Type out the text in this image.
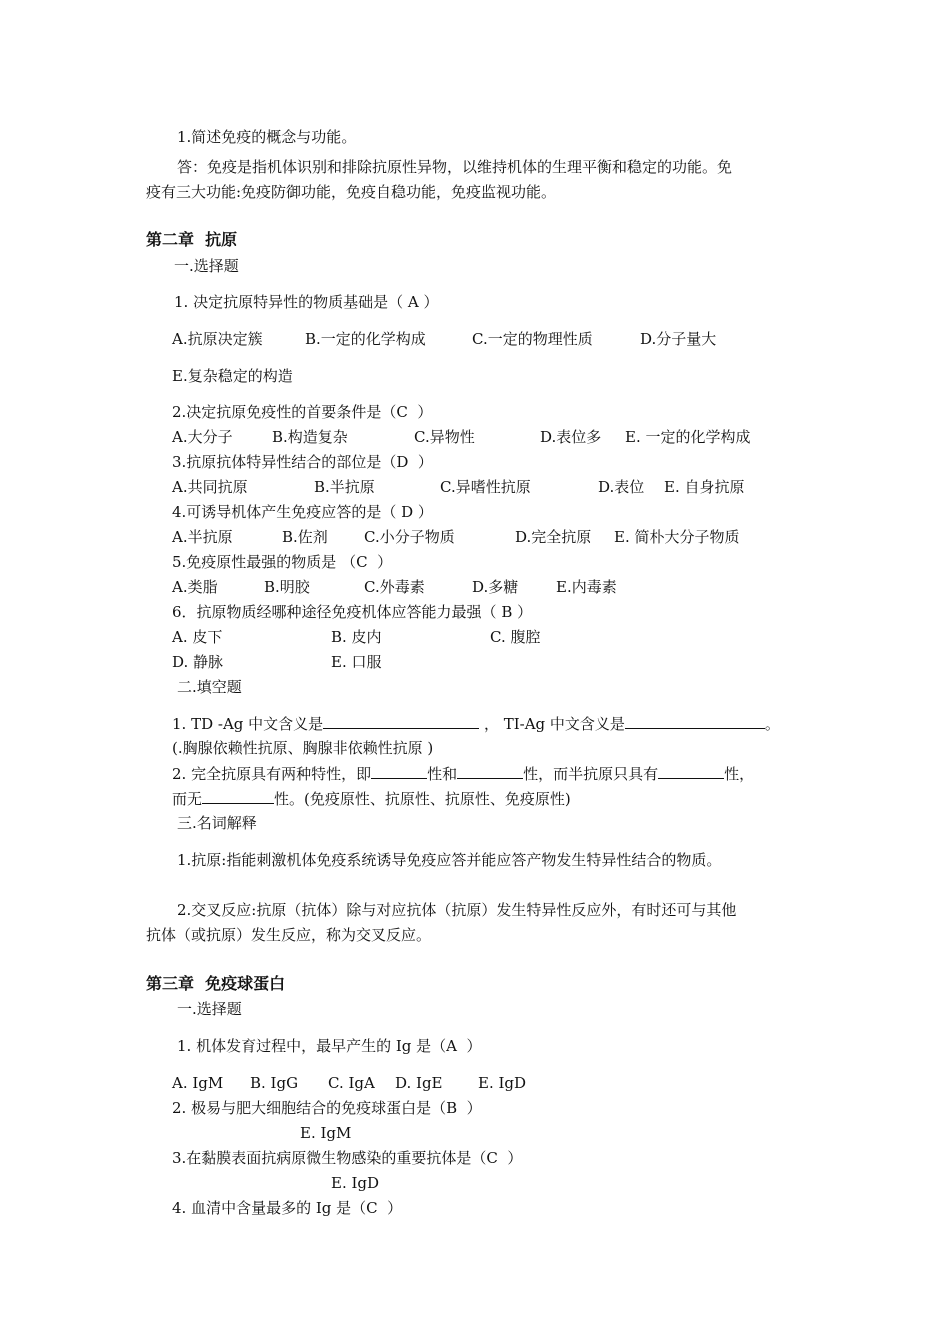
1.简述免疫的概念与功能。

答：免疫是指机体识别和排除抗原性异物，以维持机体的生理平衡和稳定的功能。免

疫有三大功能:免疫防御功能，免疫自稳功能，免疫监视功能。

第二章  抗原

一.选择题

1. 决定抗原特异性的物质基础是（ A ）

A.抗原决定簇	B.一定的化学构成	C.一定的物理性质	D.分子量大

E.复杂稳定的构造

2.决定抗原免疫性的首要条件是（C  ）

A.大分子	B.构造复杂	C.异物性	D.表位多 E. 一定的化学构成

3.抗原抗体特异性结合的部位是（D  ）

A.共同抗原	B.半抗原	C.异嗜性抗原	D.表位 E. 自身抗原

4.可诱导机体产生免疫应答的是（ D ）

A.半抗原	B.佐剂 C.小分子物质	D.完全抗原 E. 简朴大分子物质

5.免疫原性最强的物质是 （C  ）

A.类脂	B.明胶	C.外毒素	D.多糖	E.内毒素

6．抗原物质经哪种途径免疫机体应答能力最强（ B ）

A. 皮下	B. 皮内	C. 腹腔
D. 静脉	E. 口服

二.填空题

1. TD -Ag 中文含义是	， TI-Ag 中文含义是	。

(.胸腺依赖性抗原、胸腺非依赖性抗原 )

2. 完全抗原具有两种特性，即	性和	性，而半抗原只具有	性，

而无	性。(免疫原性、抗原性、抗原性、免疫原性)

三.名词解释

1.抗原:指能刺激机体免疫系统诱导免疫应答并能应答产物发生特异性结合的物质。

2.交叉反应:抗原（抗体）除与对应抗体（抗原）发生特异性反应外，有时还可与其他

抗体（或抗原）发生反应，称为交叉反应。

第三章  免疫球蛋白

一.选择题

1. 机体发育过程中，最早产生的 Ig 是（A  ）

A. IgM B. IgG C. IgA D. IgE E. IgD

2. 极易与肥大细胞结合的免疫球蛋白是（B  ）

E. IgM

3.在黏膜表面抗病原微生物感染的重要抗体是（C  ）

E. IgD

4. 血清中含量最多的 Ig 是（C  ）
